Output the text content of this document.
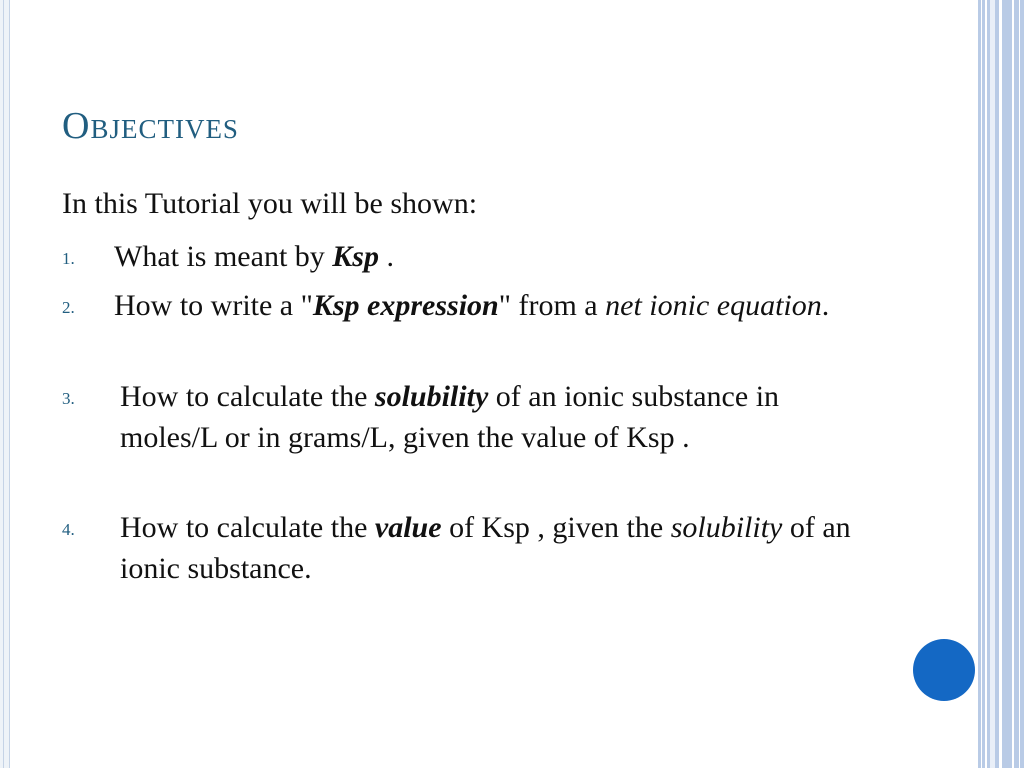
Objectives
In this Tutorial you will be shown:
1. What is meant by Ksp .
2. How to write a "Ksp expression" from a net ionic equation.
3. How to calculate the solubility of an ionic substance in moles/L or in grams/L, given the value of Ksp .
4. How to calculate the value of Ksp , given the solubility of an ionic substance.
